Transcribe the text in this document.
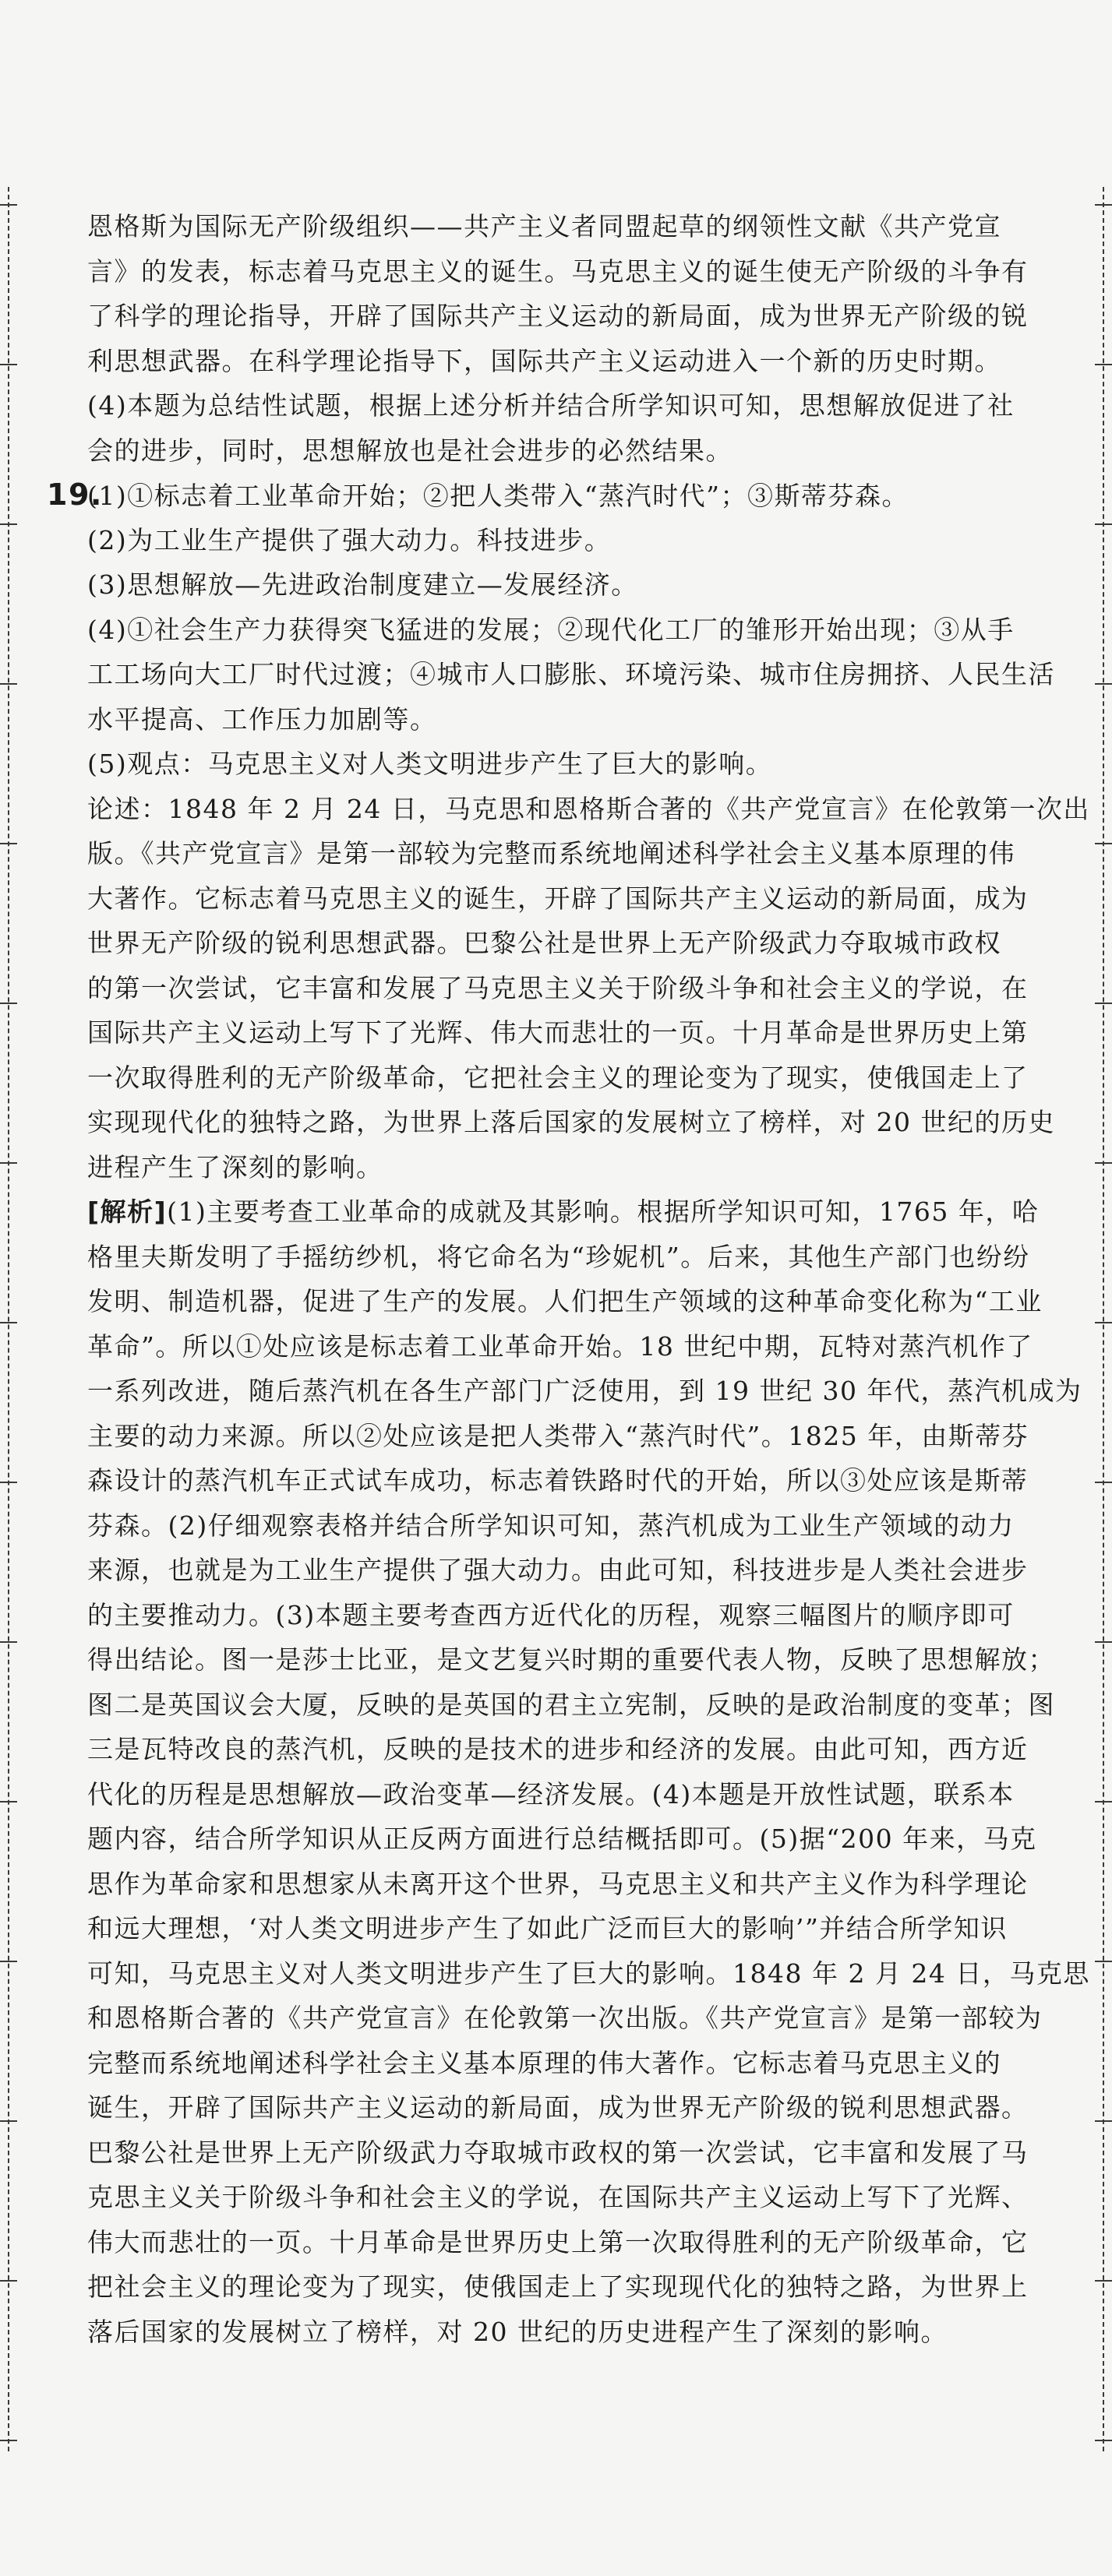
恩格斯为国际无产阶级组织——共产主义者同盟起草的纲领性文献《共产党宣
言》的发表，标志着马克思主义的诞生。马克思主义的诞生使无产阶级的斗争有
了科学的理论指导，开辟了国际共产主义运动的新局面，成为世界无产阶级的锐
利思想武器。在科学理论指导下，国际共产主义运动进入一个新的历史时期。
(4)本题为总结性试题，根据上述分析并结合所学知识可知，思想解放促进了社
会的进步，同时，思想解放也是社会进步的必然结果。
19.(1)①标志着工业革命开始；②把人类带入“蒸汽时代”；③斯蒂芬森。
(2)为工业生产提供了强大动力。科技进步。
(3)思想解放—先进政治制度建立—发展经济。
(4)①社会生产力获得突飞猛进的发展；②现代化工厂的雏形开始出现；③从手
工工场向大工厂时代过渡；④城市人口膨胀、环境污染、城市住房拥挤、人民生活
水平提高、工作压力加剧等。
(5)观点：马克思主义对人类文明进步产生了巨大的影响。
论述：1848 年 2 月 24 日，马克思和恩格斯合著的《共产党宣言》在伦敦第一次出
版。《共产党宣言》是第一部较为完整而系统地阐述科学社会主义基本原理的伟
大著作。它标志着马克思主义的诞生，开辟了国际共产主义运动的新局面，成为
世界无产阶级的锐利思想武器。巴黎公社是世界上无产阶级武力夺取城市政权
的第一次尝试，它丰富和发展了马克思主义关于阶级斗争和社会主义的学说，在
国际共产主义运动上写下了光辉、伟大而悲壮的一页。十月革命是世界历史上第
一次取得胜利的无产阶级革命，它把社会主义的理论变为了现实，使俄国走上了
实现现代化的独特之路，为世界上落后国家的发展树立了榜样，对 20 世纪的历史
进程产生了深刻的影响。
[解析](1)主要考查工业革命的成就及其影响。根据所学知识可知，1765 年，哈
格里夫斯发明了手摇纺纱机，将它命名为“珍妮机”。后来，其他生产部门也纷纷
发明、制造机器，促进了生产的发展。人们把生产领域的这种革命变化称为“工业
革命”。所以①处应该是标志着工业革命开始。18 世纪中期，瓦特对蒸汽机作了
一系列改进，随后蒸汽机在各生产部门广泛使用，到 19 世纪 30 年代，蒸汽机成为
主要的动力来源。所以②处应该是把人类带入“蒸汽时代”。1825 年，由斯蒂芬
森设计的蒸汽机车正式试车成功，标志着铁路时代的开始，所以③处应该是斯蒂
芬森。(2)仔细观察表格并结合所学知识可知，蒸汽机成为工业生产领域的动力
来源，也就是为工业生产提供了强大动力。由此可知，科技进步是人类社会进步
的主要推动力。(3)本题主要考查西方近代化的历程，观察三幅图片的顺序即可
得出结论。图一是莎士比亚，是文艺复兴时期的重要代表人物，反映了思想解放；
图二是英国议会大厦，反映的是英国的君主立宪制，反映的是政治制度的变革；图
三是瓦特改良的蒸汽机，反映的是技术的进步和经济的发展。由此可知，西方近
代化的历程是思想解放—政治变革—经济发展。(4)本题是开放性试题，联系本
题内容，结合所学知识从正反两方面进行总结概括即可。(5)据“200 年来，马克
思作为革命家和思想家从未离开这个世界，马克思主义和共产主义作为科学理论
和远大理想，‘对人类文明进步产生了如此广泛而巨大的影响’”并结合所学知识
可知，马克思主义对人类文明进步产生了巨大的影响。1848 年 2 月 24 日，马克思
和恩格斯合著的《共产党宣言》在伦敦第一次出版。《共产党宣言》是第一部较为
完整而系统地阐述科学社会主义基本原理的伟大著作。它标志着马克思主义的
诞生，开辟了国际共产主义运动的新局面，成为世界无产阶级的锐利思想武器。
巴黎公社是世界上无产阶级武力夺取城市政权的第一次尝试，它丰富和发展了马
克思主义关于阶级斗争和社会主义的学说，在国际共产主义运动上写下了光辉、
伟大而悲壮的一页。十月革命是世界历史上第一次取得胜利的无产阶级革命，它
把社会主义的理论变为了现实，使俄国走上了实现现代化的独特之路，为世界上
落后国家的发展树立了榜样，对 20 世纪的历史进程产生了深刻的影响。
